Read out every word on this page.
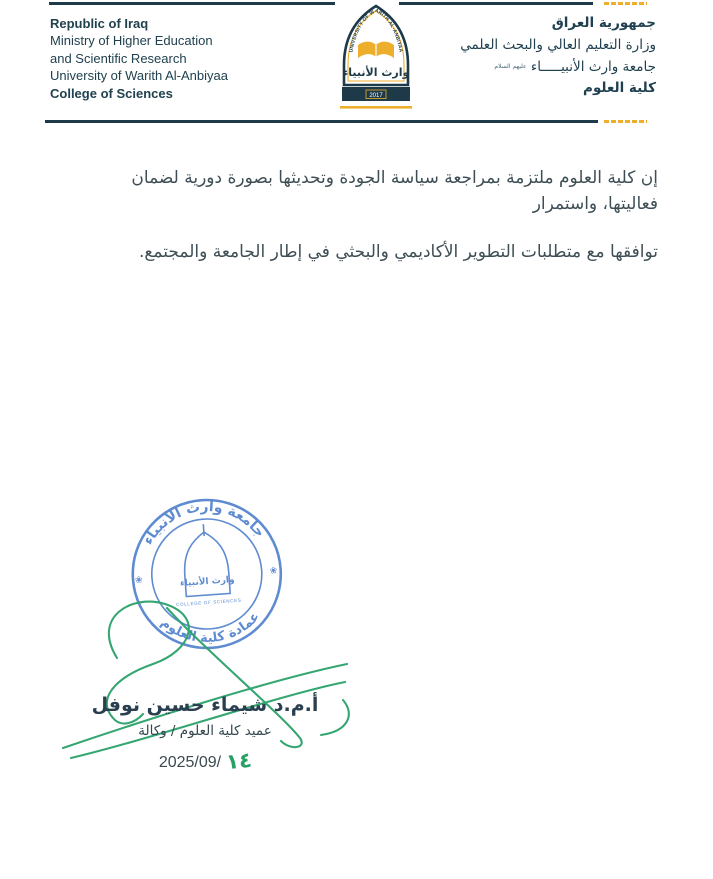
Republic of Iraq
Ministry of Higher Education
and Scientific Research
University of Warith Al-Anbiyaa
College of Sciences
جمهورية العراق
وزارة التعليم العالي والبحث العلمي
جامعة وارث الأنبيـــــاء عليهم السلام
كلية العلوم
UNIVERSITY OF WARITH AL-ANBIYAA
وارث الأنبياء
2017
إن كلية العلوم ملتزمة بمراجعة سياسة الجودة وتحديثها بصورة دورية لضمان فعاليتها، واستمرار
توافقها مع متطلبات التطوير الأكاديمي والبحثي في إطار الجامعة والمجتمع.
جامعة وارث الانبياء
عمادة كلية العلوم
❀
❀
وارث الأنبياء
COLLEGE OF SCIENCES
أ.م.د شيماء حسين نوفل
عميد كلية العلوم / وكالة
2025/09/ ١٤
